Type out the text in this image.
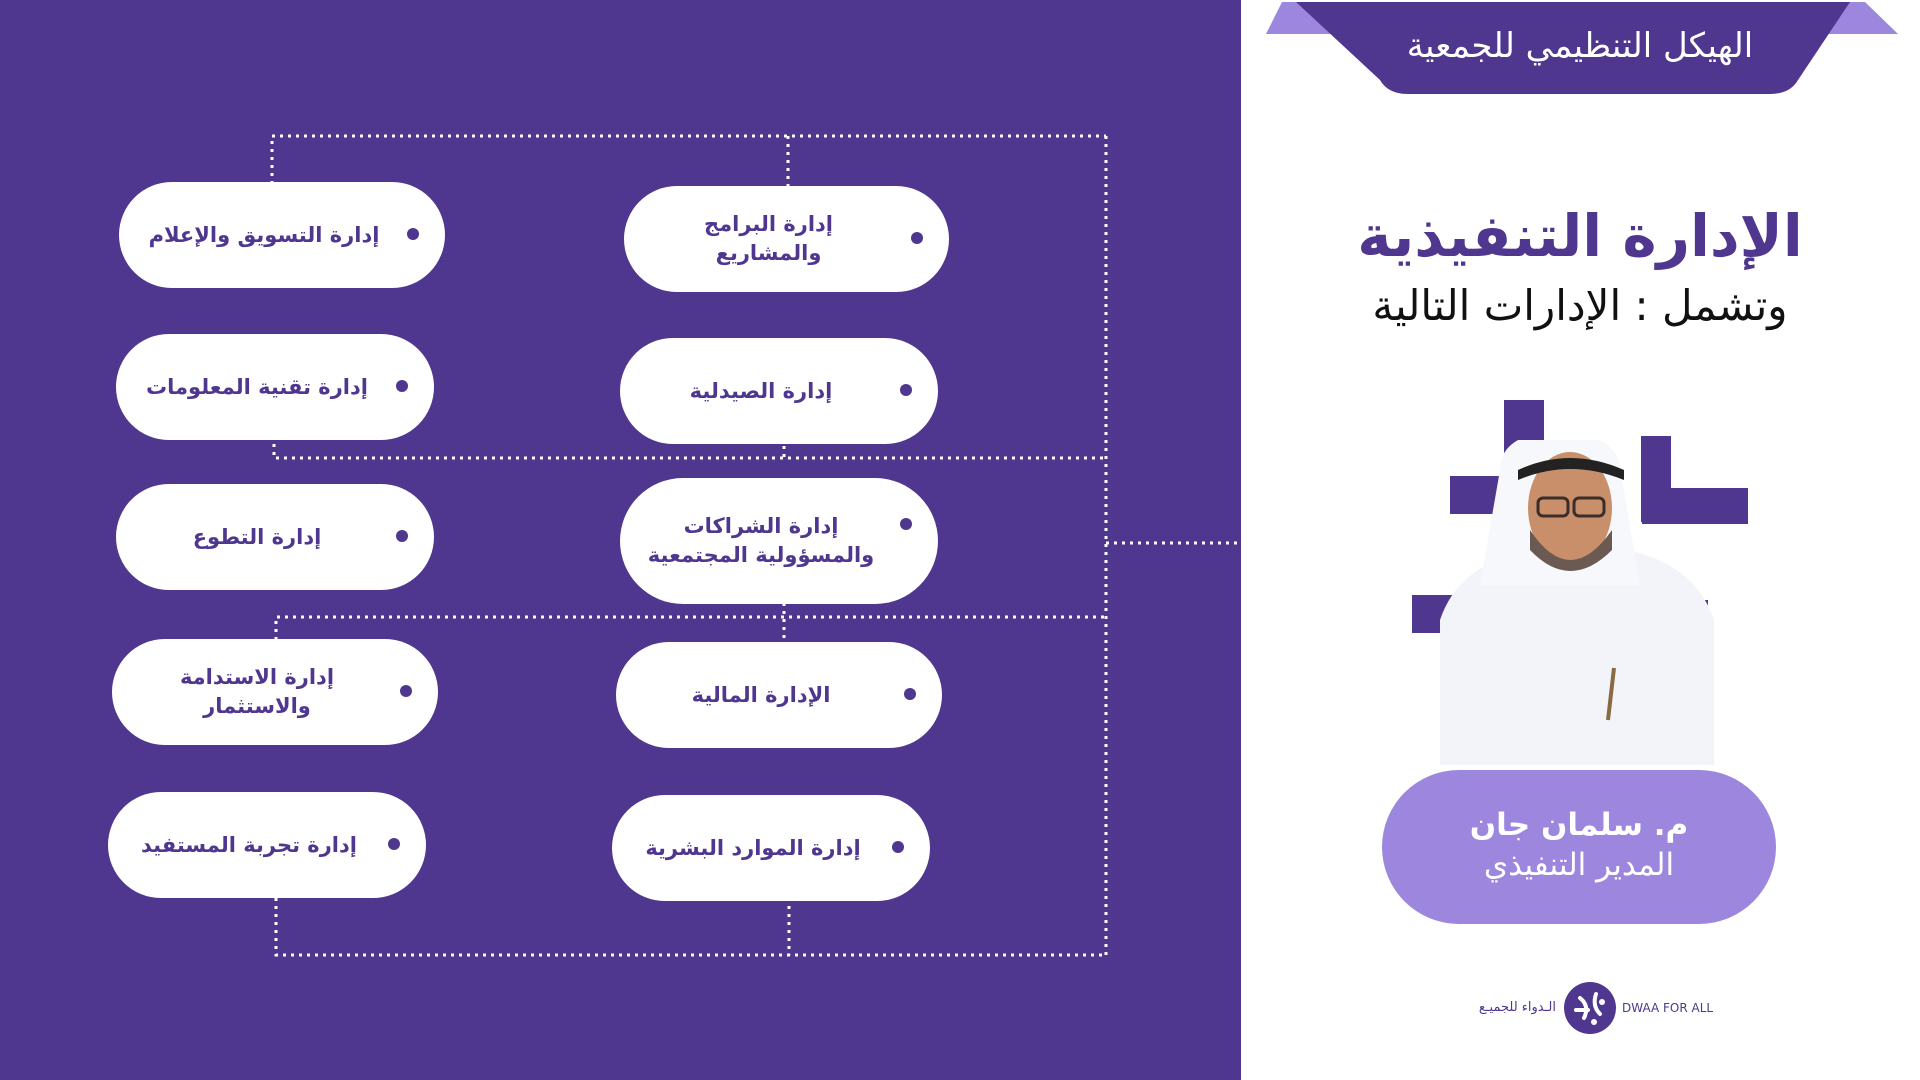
إدارة البرامج والمشاريع
إدارة التسويق والإعلام
إدارة الصيدلية
إدارة تقنية المعلومات
إدارة الشراكات
والمسؤولية المجتمعية
إدارة التطوع
الإدارة المالية
إدارة الاستدامة والاستثمار
إدارة الموارد البشرية
إدارة تجربة المستفيد
الهيكل التنظيمي للجمعية
الإدارة التنفيذية
وتشمل : الإدارات التالية
م. سلمان جان
المدير التنفيذي
الـدواء للجميـع	DWAA FOR ALL
